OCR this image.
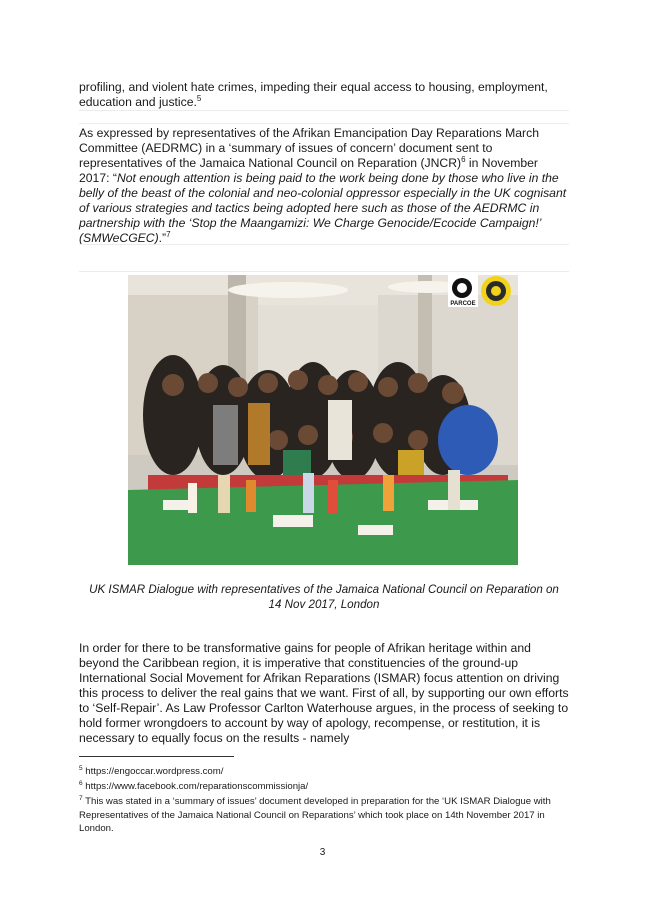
profiling, and violent hate crimes, impeding their equal access to housing, employment, education and justice.$^5$

As expressed by representatives of the Afrikan Emancipation Day Reparations March Committee (AEDRMC) in a ‘summary of issues of concern’ document sent to representatives of the Jamaica National Council on Reparation (JNCR)$^6$ in November 2017: “Not enough attention is being paid to the work being done by those who live in the belly of the beast of the colonial and neo-colonial oppressor especially in the UK cognisant of various strategies and tactics being adopted here such as those of the AEDRMC in partnership with the ‘Stop the Maangamizi: We Charge Genocide/Ecocide Campaign!’ (SMWeCGEC).”$^7$

PARCOE

UK ISMAR Dialogue with representatives of the Jamaica National Council on Reparation on
14 Nov 2017, London

In order for there to be transformative gains for people of Afrikan heritage within and beyond the Caribbean region, it is imperative that constituencies of the ground-up International Social Movement for Afrikan Reparations (ISMAR) focus attention on driving this process to deliver the real gains that we want. First of all, by supporting our own efforts to ‘Self-Repair’. As Law Professor Carlton Waterhouse argues, in the process of seeking to hold former wrongdoers to account by way of apology, recompense, or restitution, it is necessary to equally focus on the results - namely

$^5$ https://engoccar.wordpress.com/

$^6$ https://www.facebook.com/reparationscommissionja/

$^7$ This was stated in a ‘summary of issues’ document developed in preparation for the ‘UK ISMAR Dialogue with Representatives of the Jamaica National Council on Reparations’ which took place on 14th November 2017 in London.

3
